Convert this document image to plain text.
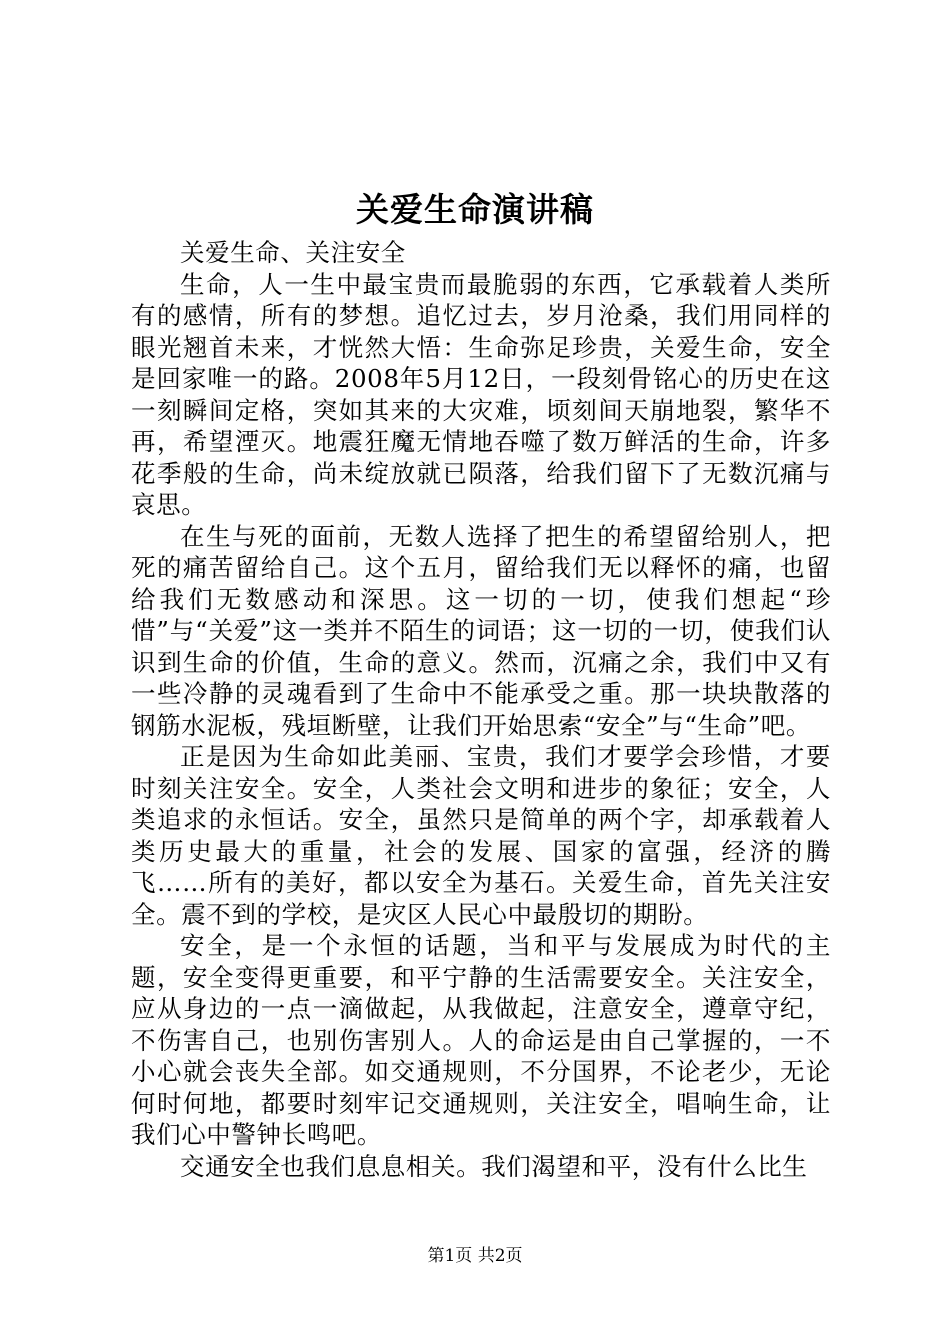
关爱生命演讲稿

关爱生命、关注安全

生命，人一生中最宝贵而最脆弱的东西，它承载着人类所有的感情，所有的梦想。追忆过去，岁月沧桑，我们用同样的眼光翘首未来，才恍然大悟：生命弥足珍贵，关爱生命，安全是回家唯一的路。2008年5月12日，一段刻骨铭心的历史在这一刻瞬间定格，突如其来的大灾难，顷刻间天崩地裂，繁华不再，希望湮灭。地震狂魔无情地吞噬了数万鲜活的生命，许多花季般的生命，尚未绽放就已陨落，给我们留下了无数沉痛与哀思。

在生与死的面前，无数人选择了把生的希望留给别人，把死的痛苦留给自己。这个五月，留给我们无以释怀的痛，也留给我们无数感动和深思。这一切的一切，使我们想起“珍惜”与“关爱”这一类并不陌生的词语；这一切的一切，使我们认识到生命的价值，生命的意义。然而，沉痛之余，我们中又有一些冷静的灵魂看到了生命中不能承受之重。那一块块散落的钢筋水泥板，残垣断壁，让我们开始思索“安全”与“生命”吧。

正是因为生命如此美丽、宝贵，我们才要学会珍惜，才要时刻关注安全。安全，人类社会文明和进步的象征；安全，人类追求的永恒话。安全，虽然只是简单的两个字，却承载着人类历史最大的重量，社会的发展、国家的富强，经济的腾飞……所有的美好，都以安全为基石。关爱生命，首先关注安全。震不到的学校，是灾区人民心中最殷切的期盼。

安全，是一个永恒的话题，当和平与发展成为时代的主题，安全变得更重要，和平宁静的生活需要安全。关注安全，应从身边的一点一滴做起，从我做起，注意安全，遵章守纪，不伤害自己，也别伤害别人。人的命运是由自己掌握的，一不小心就会丧失全部。如交通规则，不分国界，不论老少，无论何时何地，都要时刻牢记交通规则，关注安全，唱响生命，让我们心中警钟长鸣吧。

交通安全也我们息息相关。我们渴望和平，没有什么比生

第1页 共2页
